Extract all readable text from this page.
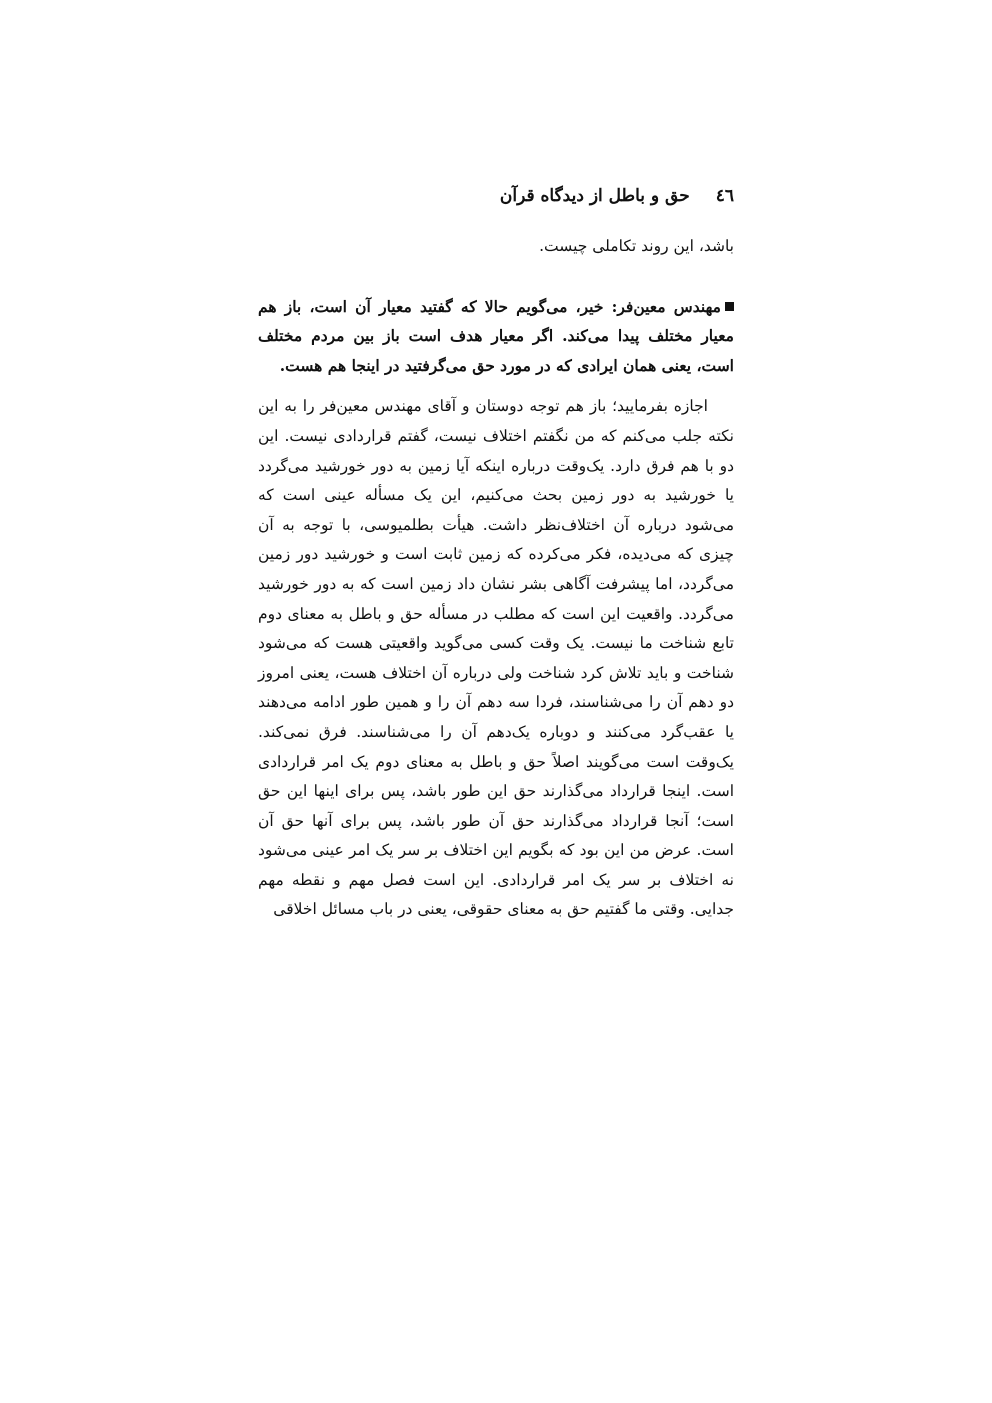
٤٦
حق و باطل از دیدگاه قرآن

باشد، این روند تکاملی چیست.

مهندس معین‌فر: خیر، می‌گویم حالا که گفتید معیار آن است، باز هم معیار مختلف پیدا می‌کند. اگر معیار هدف است باز بین مردم مختلف است، یعنی همان ایرادی که در مورد حق می‌گرفتید در اینجا هم هست.

اجازه بفرمایید؛ باز هم توجه دوستان و آقای مهندس معین‌فر را به این نکته جلب می‌کنم که من نگفتم اختلاف نیست، گفتم قراردادی نیست. این دو با هم فرق دارد. یک‌وقت درباره اینکه آیا زمین به دور خورشید می‌گردد یا خورشید به دور زمین بحث می‌کنیم، این یک مسأله عینی است که می‌شود درباره آن اختلاف‌نظر داشت. هیأت بطلمیوسی، با توجه به آن چیزی که می‌دیده، فکر می‌کرده که زمین ثابت است و خورشید دور زمین می‌گردد، اما پیشرفت آگاهی بشر نشان داد زمین است که به دور خورشید می‌گردد. واقعیت این است که مطلب در مسأله حق و باطل به معنای دوم تابع شناخت ما نیست. یک وقت کسی می‌گوید واقعیتی هست که می‌شود شناخت و باید تلاش کرد شناخت ولی درباره آن اختلاف هست، یعنی امروز دو دهم آن را می‌شناسند، فردا سه دهم آن را و همین طور ادامه می‌دهند یا عقب‌گرد می‌کنند و دوباره یک‌دهم آن را می‌شناسند. فرق نمی‌کند. یک‌وقت است می‌گویند اصلاً حق و باطل به معنای دوم یک امر قراردادی است. اینجا قرارداد می‌گذارند حق این طور باشد، پس برای اینها این حق است؛ آنجا قرارداد می‌گذارند حق آن طور باشد، پس برای آنها حق آن است. عرض من این بود که بگویم این اختلاف بر سر یک امر عینی می‌شود نه اختلاف بر سر یک امر قراردادی. این است فصل مهم و نقطه مهم جدایی. وقتی ما گفتیم حق به معنای حقوقی، یعنی در باب مسائل اخلاقی
